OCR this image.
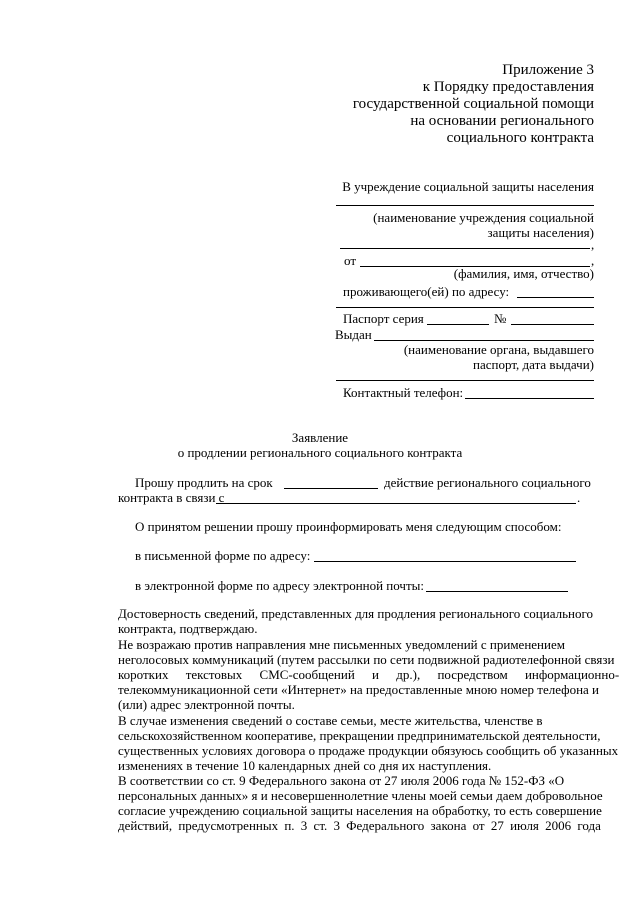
Приложение 3
к Порядку предоставления
государственной социальной помощи
на основании регионального
социального контракта
В учреждение социальной защиты населения
(наименование учреждения социальной
защиты населения)
,
от	,
(фамилия, имя, отчество)
проживающего(ей) по адресу:
Паспорт серия	№
Выдан
(наименование органа, выдавшего
паспорт, дата выдачи)
Контактный телефон:
Заявление
о продлении регионального социального контракта
Прошу продлить на срок	действие регионального социального
контракта в связи с	.
О принятом решении прошу проинформировать меня следующим способом:
в письменной форме по адресу:
в электронной форме по адресу электронной почты:
Достоверность сведений, представленных для продления регионального социального
контракта, подтверждаю.
Не возражаю против направления мне письменных уведомлений с применением
неголосовых коммуникаций (путем рассылки по сети подвижной радиотелефонной связи
коротких текстовых СМС-сообщений и др.), посредством информационно-
телекоммуникационной сети «Интернет» на предоставленные мною номер телефона и
(или) адрес электронной почты.
В случае изменения сведений о составе семьи, месте жительства, членстве в
сельскохозяйственном кооперативе, прекращении предпринимательской деятельности,
существенных условиях договора о продаже продукции обязуюсь сообщить об указанных
изменениях в течение 10 календарных дней со дня их наступления.
В соответствии со ст. 9 Федерального закона от 27 июля 2006 года № 152-ФЗ «О
персональных данных» я и несовершеннолетние члены моей семьи даем добровольное
согласие учреждению социальной защиты населения на обработку, то есть совершение
действий, предусмотренных п. 3 ст. 3 Федерального закона от 27 июля 2006 года
